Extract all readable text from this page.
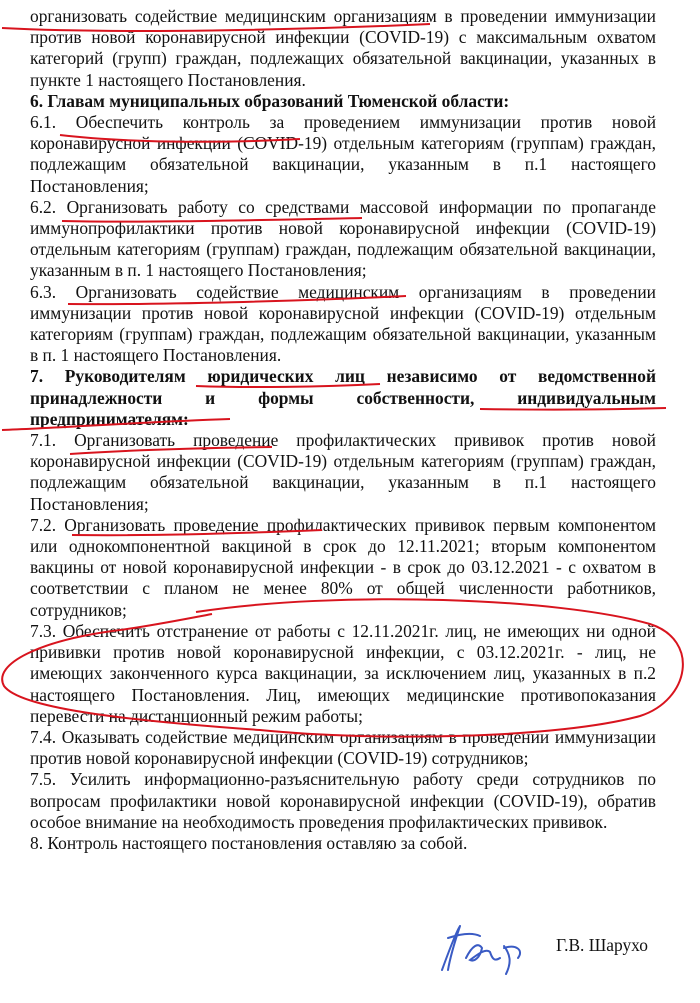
организовать содействие медицинским организациям в проведении иммунизации против новой коронавирусной инфекции (COVID-19) с максимальным охватом категорий (групп) граждан, подлежащих обязательной вакцинации, указанных в пункте 1 настоящего Постановления.

6. Главам муниципальных образований Тюменской области:

6.1. Обеспечить контроль за проведением иммунизации против новой коронавирусной инфекции (COVID-19) отдельным категориям (группам) граждан, подлежащим обязательной вакцинации, указанным в п.1 настоящего Постановления;

6.2. Организовать работу со средствами массовой информации по пропаганде иммунопрофилактики против новой коронавирусной инфекции (COVID-19) отдельным категориям (группам) граждан, подлежащим обязательной вакцинации, указанным в п. 1 настоящего Постановления;

6.3. Организовать содействие медицинским организациям в проведении иммунизации против новой коронавирусной инфекции (COVID-19) отдельным категориям (группам) граждан, подлежащим обязательной вакцинации, указанным в п. 1 настоящего Постановления.

7. Руководителям юридических лиц независимо от ведомственной принадлежности и формы собственности, индивидуальным предпринимателям:

7.1. Организовать проведение профилактических прививок против новой коронавирусной инфекции (COVID-19) отдельным категориям (группам) граждан, подлежащим обязательной вакцинации, указанным в п.1 настоящего Постановления;

7.2. Организовать проведение профилактических прививок первым компонентом или однокомпонентной вакциной в срок до 12.11.2021; вторым компонентом вакцины от новой коронавирусной инфекции - в срок до 03.12.2021 - с охватом в соответствии с планом не менее 80% от общей численности работников, сотрудников;

7.3. Обеспечить отстранение от работы с 12.11.2021г. лиц, не имеющих ни одной прививки против новой коронавирусной инфекции, с 03.12.2021г. - лиц, не имеющих законченного курса вакцинации, за исключением лиц, указанных в п.2 настоящего Постановления. Лиц, имеющих медицинские противопоказания перевести на дистанционный режим работы;

7.4. Оказывать содействие медицинским организациям в проведении иммунизации против новой коронавирусной инфекции (COVID-19) сотрудников;

7.5. Усилить информационно-разъяснительную работу среди сотрудников по вопросам профилактики новой коронавирусной инфекции (COVID-19), обратив особое внимание на необходимость проведения профилактических прививок.

8. Контроль настоящего постановления оставляю за собой.

Г.В. Шарухо
